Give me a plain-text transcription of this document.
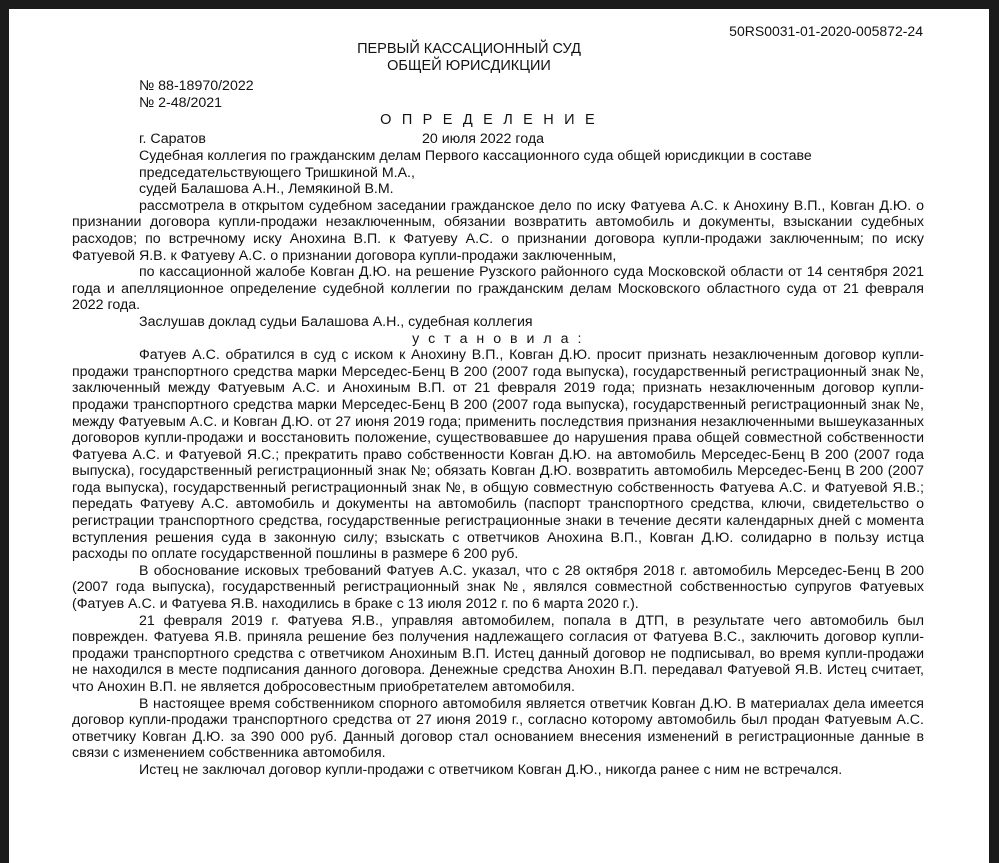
50RS0031-01-2020-005872-24
ПЕРВЫЙ КАССАЦИОННЫЙ СУД
ОБЩЕЙ ЮРИСДИКЦИИ
№ 88-18970/2022
№ 2-48/2021
О П Р Е Д Е Л Е Н И Е
г. Саратов	20 июля 2022 года

Судебная коллегия по гражданским делам Первого кассационного суда общей юрисдикции в составе

председательствующего Тришкиной М.А.,

судей Балашова А.Н., Лемякиной В.М.

рассмотрела в открытом судебном заседании гражданское дело по иску Фатуева А.С. к Анохину В.П., Ковган Д.Ю. о признании договора купли-продажи незаключенным, обязании возвратить автомобиль и документы, взыскании судебных расходов; по встречному иску Анохина В.П. к Фатуеву А.С. о признании договора купли-продажи заключенным; по иску Фатуевой Я.В. к Фатуеву А.С. о признании договора купли-продажи заключенным,

по кассационной жалобе Ковган Д.Ю. на решение Рузского районного суда Московской области от 14 сентября 2021 года и апелляционное определение судебной коллегии по гражданским делам Московского областного суда от 21 февраля 2022 года.

Заслушав доклад судьи Балашова А.Н., судебная коллегия

у с т а н о в и л а :

Фатуев А.С. обратился в суд с иском к Анохину В.П., Ковган Д.Ю. просит признать незаключенным договор купли-продажи транспортного средства марки Мерседес-Бенц В 200 (2007 года выпуска), государственный регистрационный знак №, заключенный между Фатуевым А.С. и Анохиным В.П. от 21 февраля 2019 года; признать незаключенным договор купли-продажи транспортного средства марки Мерседес-Бенц В 200 (2007 года выпуска), государственный регистрационный знак №, между Фатуевым А.С. и Ковган Д.Ю. от 27 июня 2019 года; применить последствия признания незаключенными вышеуказанных договоров купли-продажи и восстановить положение, существовавшее до нарушения права общей совместной собственности Фатуева А.С. и Фатуевой Я.С.; прекратить право собственности Ковган Д.Ю. на автомобиль Мерседес-Бенц В 200 (2007 года выпуска), государственный регистрационный знак №; обязать Ковган Д.Ю. возвратить автомобиль Мерседес-Бенц В 200 (2007 года выпуска), государственный регистрационный знак №, в общую совместную собственность Фатуева А.С. и Фатуевой Я.В.; передать Фатуеву А.С. автомобиль и документы на автомобиль (паспорт транспортного средства, ключи, свидетельство о регистрации транспортного средства, государственные регистрационные знаки в течение десяти календарных дней с момента вступления решения суда в законную силу; взыскать с ответчиков Анохина В.П., Ковган Д.Ю. солидарно в пользу истца расходы по оплате государственной пошлины в размере 6 200 руб.

В обоснование исковых требований Фатуев А.С. указал, что с 28 октября 2018 г. автомобиль Мерседес-Бенц В 200 (2007 года выпуска), государственный регистрационный знак №, являлся совместной собственностью супругов Фатуевых (Фатуев А.С. и Фатуева Я.В. находились в браке с 13 июля 2012 г. по 6 марта 2020 г.).

21 февраля 2019 г. Фатуева Я.В., управляя автомобилем, попала в ДТП, в результате чего автомобиль был поврежден. Фатуева Я.В. приняла решение без получения надлежащего согласия от Фатуева В.С., заключить договор купли-продажи транспортного средства с ответчиком Анохиным В.П. Истец данный договор не подписывал, во время купли-продажи не находился в месте подписания данного договора. Денежные средства Анохин В.П. передавал Фатуевой Я.В. Истец считает, что Анохин В.П. не является добросовестным приобретателем автомобиля.

В настоящее время собственником спорного автомобиля является ответчик Ковган Д.Ю. В материалах дела имеется договор купли-продажи транспортного средства от 27 июня 2019 г., согласно которому автомобиль был продан Фатуевым А.С. ответчику Ковган Д.Ю. за 390 000 руб. Данный договор стал основанием внесения изменений в регистрационные данные в связи с изменением собственника автомобиля.

Истец не заключал договор купли-продажи с ответчиком Ковган Д.Ю., никогда ранее с ним не встречался.
